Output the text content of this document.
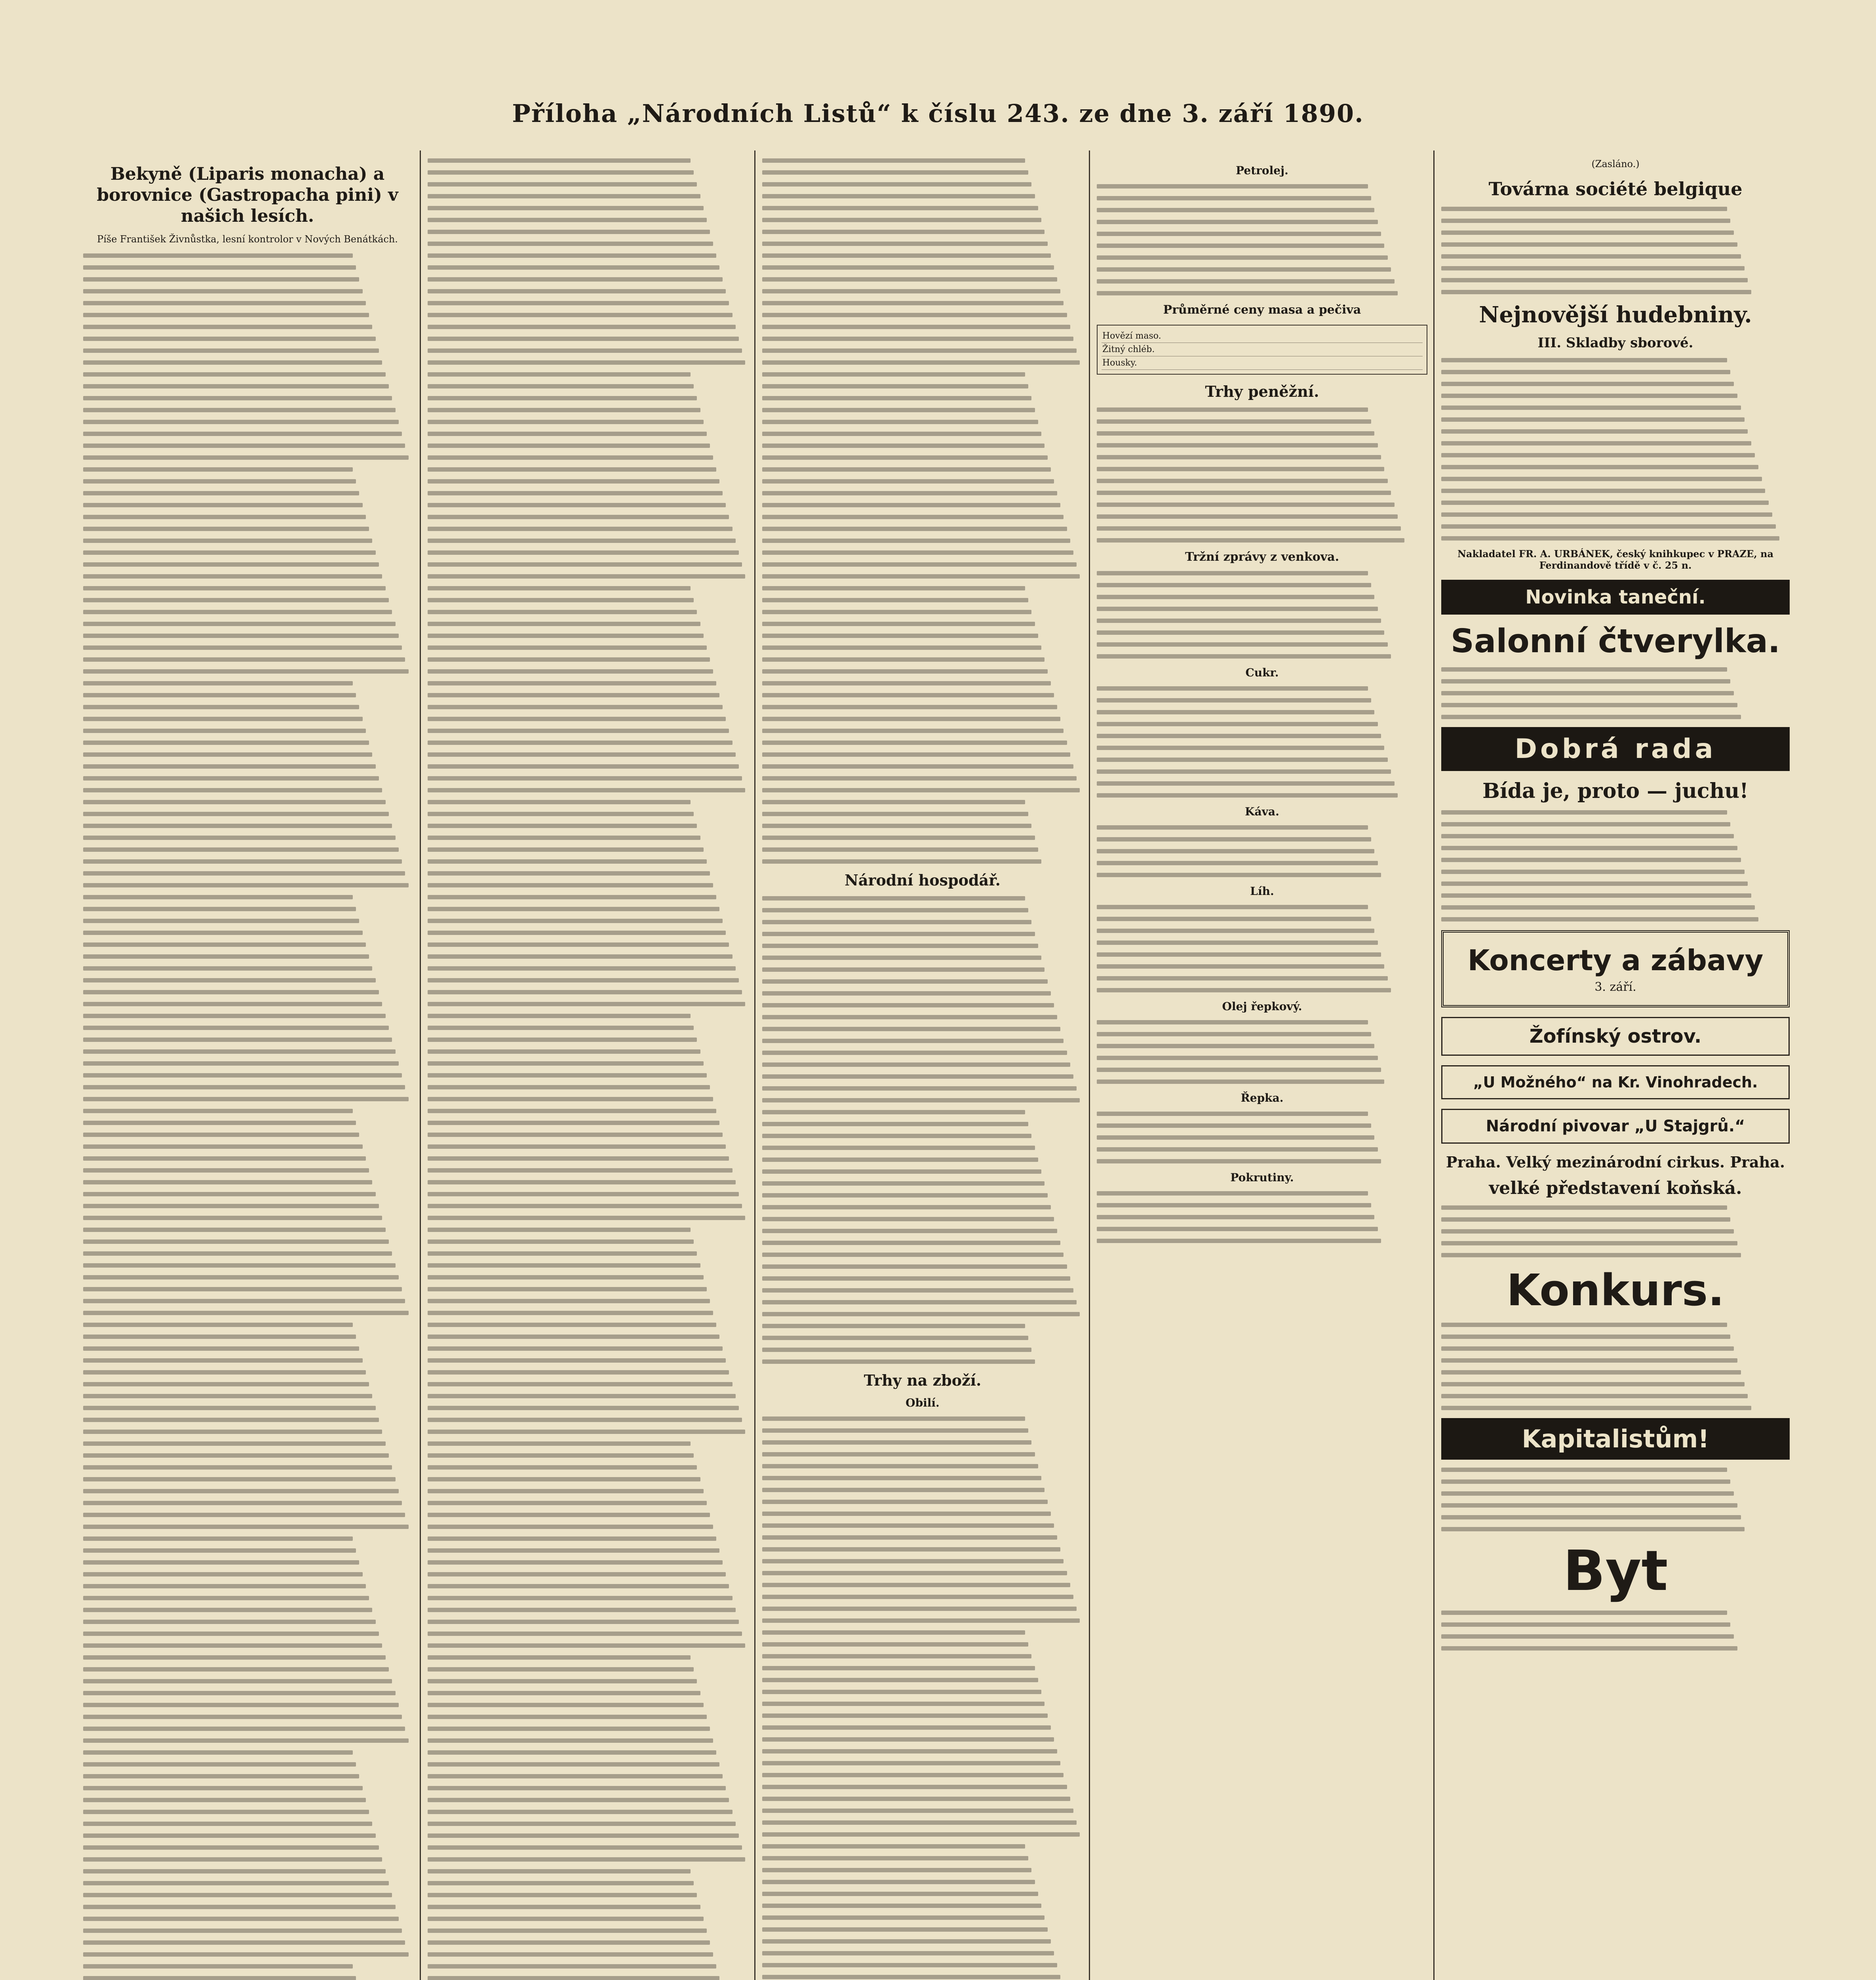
Příloha „Národních Listů“ k číslu 243. ze dne 3. září 1890.
Bekyně (Liparis monacha) a borovnice (Gastropacha pini) v našich lesích.
Píše František Živnůstka, lesní kontrolor v Nových Benátkách.
Národní hospodář.
Trhy na zboží.
Obilí.
Petrolej.
Průměrné ceny masa a pečiva
Hovězí maso.
Žitný chléb.
Housky.
Trhy peněžní.
Tržní zprávy z venkova.
Cukr.
Káva.
Líh.
Olej řepkový.
Řepka.
Pokrutiny.
(Zasláno.)
Továrna société belgique
Nejnovější hudebniny.
III. Skladby sborové.
Nakladatel FR. A. URBÁNEK, český knihkupec v PRAZE, na Ferdinandově třídě v č. 25 n.
Novinka taneční.
Salonní čtverylka.
Dobrá rada
Bída je, proto — juchu!
Koncerty a zábavy
3. září.
Žofínský ostrov.
„U Možného“ na Kr. Vinohradech.
Národní pivovar „U Stajgrů.“
Praha. Velký mezinárodní cirkus. Praha.
velké představení koňská.
Konkurs.
Kapitalistům!
Byt
